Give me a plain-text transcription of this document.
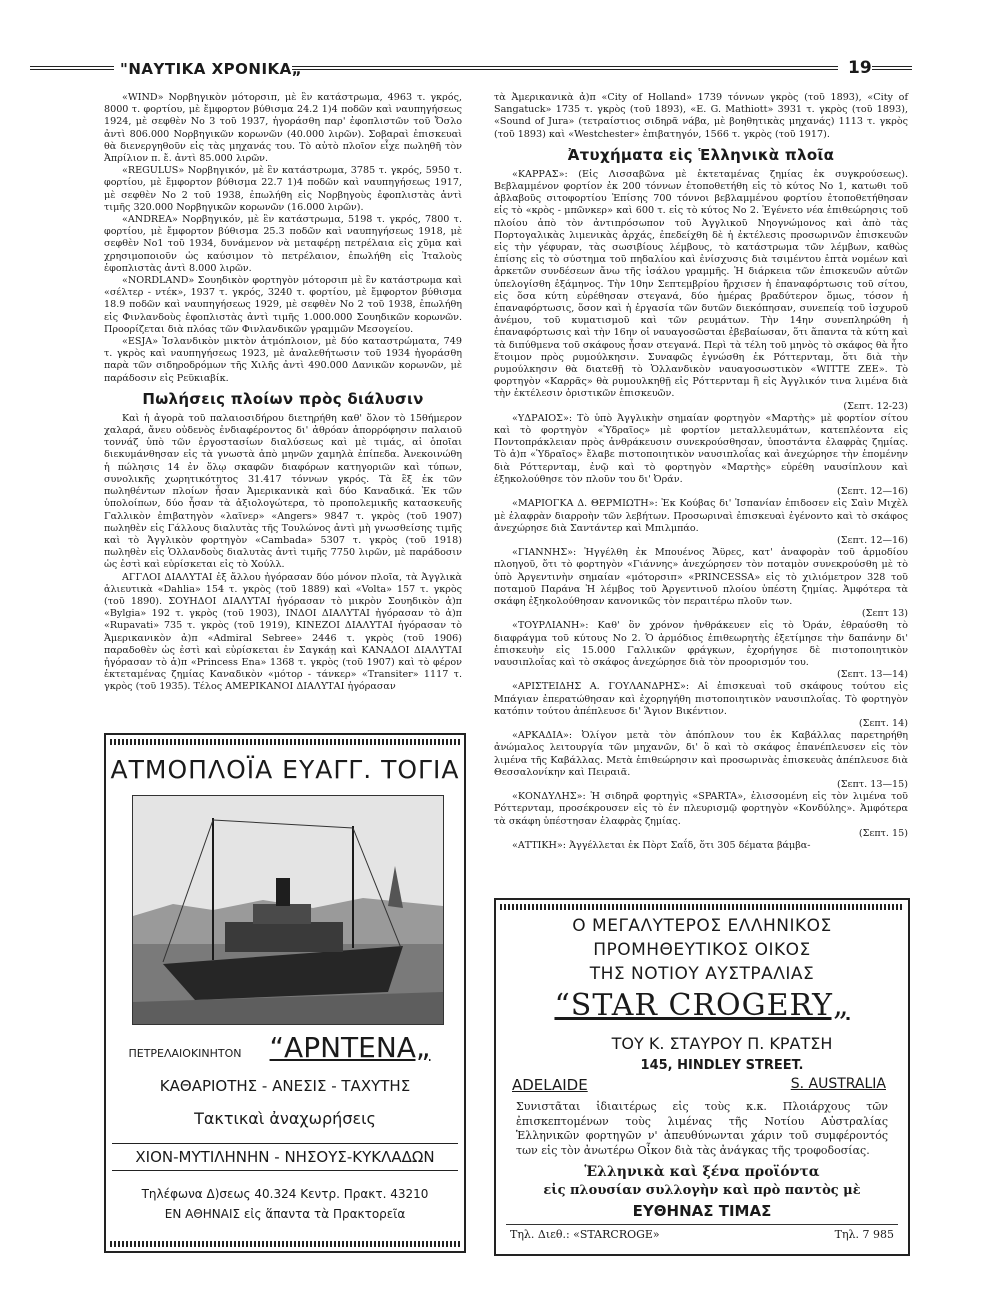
"ΝΑΥΤΙΚΑ ΧΡΟΝΙΚΑ„	19

«WIND» Νορβηγικὸν μότορσιπ, μὲ ἓν κατάστρωμα, 4963 τ. γκρός, 8000 τ. φορτίου, μὲ ἔμφορτον βύθισμα 24.2 1)4 ποδῶν καὶ ναυπηγήσεως 1924, μὲ σεφθὲν Νο 3 τοῦ 1937, ἠγοράσθη παρ' ἐφοπλιστῶν τοῦ Ὄσλο ἀντὶ 806.000 Νορβηγικῶν κορωνῶν (40.000 λιρῶν). Σοβαραὶ ἐπισκευαὶ θὰ διενεργηθοῦν εἰς τὰς μηχανάς του. Τὸ αὐτὸ πλοῖον εἶχε πωληθῆ τὸν Ἀπρίλιον π. ἔ. ἀντὶ 85.000 λιρῶν.

«REGULUS» Νορβηγικόν, μὲ ἓν κατάστρωμα, 3785 τ. γκρός, 5950 τ. φορτίου, μὲ ἔμφορτον βύθισμα 22.7 1)4 ποδῶν καὶ ναυπηγήσεως 1917, μὲ σεφθὲν Νο 2 τοῦ 1938, ἐπωλήθη εἰς Νορβηγοὺς ἐφοπλιστὰς ἀντὶ τιμῆς 320.000 Νορβηγικῶν κορωνῶν (16.000 λιρῶν).

«ANDREA» Νορβηγικόν, μὲ ἓν κατάστρωμα, 5198 τ. γκρός, 7800 τ. φορτίου, μὲ ἔμφορτον βύθισμα 25.3 ποδῶν καὶ ναυπηγήσεως 1918, μὲ σεφθὲν Νο1 τοῦ 1934, δυνάμενον νὰ μεταφέρῃ πετρέλαια εἰς χῦμα καὶ χρησιμοποιοῦν ὡς καύσιμον τὸ πετρέλαιον, ἐπωλήθη εἰς Ἰταλοὺς ἐφοπλιστὰς ἀντὶ 8.000 λιρῶν.

«NORDLAND» Σουηδικὸν φορτηγὸν μότορσιπ μὲ ἓν κατάστρωμα καὶ «σέλτερ - ντέκ», 1937 τ. γκρός, 3240 τ. φορτίου, μὲ ἔμφορτον βύθισμα 18.9 ποδῶν καὶ ναυπηγήσεως 1929, μὲ σεφθὲν Νο 2 τοῦ 1938, ἐπωλήθη εἰς Φινλανδοὺς ἐφοπλιστὰς ἀντὶ τιμῆς 1.000.000 Σουηδικῶν κορωνῶν. Προορίζεται διὰ πλόας τῶν Φινλανδικῶν γραμμῶν Μεσογείου.

«ESJA» Ἰσλανδικὸν μικτὸν ἀτμόπλοιον, μὲ δύο καταστρώματα, 749 τ. γκρὸς καὶ ναυπηγήσεως 1923, μὲ ἀναλεθήτωσιν τοῦ 1934 ἠγοράσθη παρὰ τῶν σιδηροδρόμων τῆς Χιλῆς ἀντὶ 490.000 Δανικῶν κορωνῶν, μὲ παράδοσιν εἰς Ρεϋκιαβίκ.

Πωλήσεις πλοίων πρὸς διάλυσιν

Καὶ ἡ ἀγορὰ τοῦ παλαιοσιδήρου διετηρήθη καθ' ὅλον τὸ 15θήμερον χαλαρά, ἄνευ οὐδενὸς ἐνδιαφέροντος δι' ἀθρόαν ἀπορρόφησιν παλαιοῦ τοννάζ ὑπὸ τῶν ἐργοστασίων διαλύσεως καὶ μὲ τιμάς, αἱ ὁποῖαι διεκυμάνθησαν εἰς τὰ γνωστὰ ἀπὸ μηνῶν χαμηλὰ ἐπίπεδα. Ἀνεκοινώθη ἡ πώλησις 14 ἐν ὅλῳ σκαφῶν διαφόρων κατηγοριῶν καὶ τύπων, συνολικῆς χωρητικότητος 31.417 τόννων γκρός. Τὰ ἓξ ἐκ τῶν πωληθέντων πλοίων ἦσαν Ἀμερικανικὰ καὶ δύο Καναδικά. Ἐκ τῶν ὑπολοίπων, δύο ἦσαν τὰ ἀξιολογώτερα, τὸ προπολεμικῆς κατασκευῆς Γαλλικὸν ἐπιβατηγὸν «λαϊνερ» «Angers» 9847 τ. γκρὸς (τοῦ 1907) πωληθὲν εἰς Γάλλους διαλυτὰς τῆς Τουλώνος ἀντὶ μὴ γνωσθείσης τιμῆς καὶ τὸ Ἀγγλικὸν φορτηγὸν «Cambada» 5307 τ. γκρὸς (τοῦ 1918) πωληθὲν εἰς Ὁλλανδοὺς διαλυτὰς ἀντὶ τιμῆς 7750 λιρῶν, μὲ παράδοσιν ὡς ἐστὶ καὶ εὑρίσκεται εἰς τὸ Χούλλ.

ΑΓΓΛΟΙ ΔΙΑΛΥΤΑΙ ἐξ ἄλλου ἠγόρασαν δύο μόνον πλοῖα, τὰ Ἀγγλικὰ ἁλιευτικὰ «Dahlia» 154 τ. γκρὸς (τοῦ 1889) καὶ «Volta» 157 τ. γκρὸς (τοῦ 1890). ΣΟΥΗΔΟΙ ΔΙΑΛΥΤΑΙ ἠγόρασαν τὸ μικρὸν Σουηδικὸν ἀ)π «Bylgia» 192 τ. γκρὸς (τοῦ 1903), ΙΝΔΟΙ ΔΙΑΛΥΤΑΙ ἠγόρασαν τὸ ἀ)π «Rupavati» 735 τ. γκρὸς (τοῦ 1919), ΚΙΝΕΖΟΙ ΔΙΑΛΥΤΑΙ ἠγόρασαν τὸ Ἀμερικανικὸν ἀ)π «Admiral Sebree» 2446 τ. γκρὸς (τοῦ 1906) παραδοθὲν ὡς ἐστὶ καὶ εὑρίσκεται ἐν Σαγκάῃ καὶ ΚΑΝΑΔΟΙ ΔΙΑΛΥΤΑΙ ἠγόρασαν τὸ ἀ)π «Princess Ena» 1368 τ. γκρὸς (τοῦ 1907) καὶ τὸ φέρον ἐκτεταμένας ζημίας Καναδικὸν «μότορ - τάνκερ» «Transiter» 1117 τ. γκρὸς (τοῦ 1935). Τέλος ΑΜΕΡΙΚΑΝΟΙ ΔΙΑΛΥΤΑΙ ἠγόρασαν

τὰ Ἀμερικανικὰ ἀ)π «City of Holland» 1739 τόννων γκρὸς (τοῦ 1893), «City of Sangatuck» 1735 τ. γκρὸς (τοῦ 1893), «E. G. Mathiott» 3931 τ. γκρὸς (τοῦ 1893), «Sound of Jura» (τετραίστιος σιδηρᾶ νάβα, μὲ βοηθητικὰς μηχανάς) 1113 τ. γκρὸς (τοῦ 1893) καὶ «Westchester» ἐπιβατηγόν, 1566 τ. γκρὸς (τοῦ 1917).

Ἀτυχήματα εἰς Ἑλληνικὰ πλοῖα

«ΚΑΡΡΑΣ»: (Εἰς Λισσαβῶνα μὲ ἐκτεταμένας ζημίας ἐκ συγκρούσεως). Βεβλαμμένον φορτίον ἐκ 200 τόννων ἐτοποθετήθη εἰς τὸ κύτος Νο 1, κατωθι τοῦ ἀβλαβοῦς σιτοφορτίου Ἐπίσης 700 τόννοι βεβλαμμένου φορτίου ἐτοποθετήθησαν εἰς τὸ «κρὸς - μπῶνκερ» καὶ 600 τ. εἰς τὸ κύτος Νο 2. Ἐγένετο νέα ἐπιθεώρησις τοῦ πλοίου ἀπὸ τὸν ἀντιπρόσωπον τοῦ Ἀγγλικοῦ Νηογνώμονος καὶ ἀπὸ τὰς Πορτογαλικὰς λιμενικὰς ἀρχάς, ἐπεδείχθη δὲ ἡ ἐκτέλεσις προσωρινῶν ἐπισκευῶν εἰς τὴν γέφυραν, τὰς σωσιβίους λέμβους, τὸ κατάστρωμα τῶν λέμβων, καθὼς ἐπίσης εἰς τὸ σύστημα τοῦ πηδαλίου καὶ ἐνίσχυσις διὰ τσιμέντου ἑπτὰ νομέων καὶ ἀρκετῶν συνδέσεων ἄνω τῆς ἰσάλου γραμμῆς. Ἡ διάρκεια τῶν ἐπισκευῶν αὐτῶν ὑπελογίσθη ἑξάμηνος. Τὴν 10ην Σεπτεμβρίου ἤρχισεν ἡ ἐπαναφόρτωσις τοῦ σίτου, εἰς ὅσα κύτη εὑρέθησαν στεγανά, δύο ἡμέρας βραδύτερον ὅμως, τόσον ἡ ἐπαναφόρτωσις, ὅσον καὶ ἡ ἐργασία τῶν δυτῶν διεκόπησαν, συνεπείᾳ τοῦ ἰσχυροῦ ἀνέμου, τοῦ κυματισμοῦ καὶ τῶν ρευμάτων. Τὴν 14ην συνεπληρώθη ἡ ἐπαναφόρτωσις καὶ τὴν 16ην οἱ ναυαγοσῶσται ἐβεβαίωσαν, ὅτι ἅπαντα τὰ κύτη καὶ τὰ διπύθμενα τοῦ σκάφους ἦσαν στεγανά. Περὶ τὰ τέλη τοῦ μηνὸς τὸ σκάφος θὰ ἦτο ἕτοιμον πρὸς ρυμούλκησιν. Συναφῶς ἐγνώσθη ἐκ Ρόττερνταμ, ὅτι διὰ τὴν ρυμούλκησιν θὰ διατεθῇ τὸ Ὁλλανδικὸν ναυαγοσωστικὸν «WITTE ZEE». Τὸ φορτηγὸν «Καρρᾶς» θὰ ρυμουλκηθῇ εἰς Ρόττερνταμ ἢ εἰς Ἀγγλικόν τινα λιμένα διὰ τὴν ἐκτέλεσιν ὁριστικῶν ἐπισκευῶν.

(Σεπτ. 12-23)

«ΥΔΡΑΙΟΣ»: Τὸ ὑπὸ Ἀγγλικὴν σημαίαν φορτηγὸν «Μαρτὴς» μὲ φορτίον σίτου καὶ τὸ φορτηγὸν «Ὑδραῖος» μὲ φορτίον μεταλλευμάτων, κατεπλέοντα εἰς Ποντοπράκλειαν πρὸς ἀνθράκευσιν συνεκρούσθησαν, ὑποστάντα ἐλαφρὰς ζημίας. Τὸ ἀ)π «Ὑδραῖος» ἔλαβε πιστοποιητικὸν ναυσιπλοΐας καὶ ἀνεχώρησε τὴν ἑπομένην διὰ Ρόττερνταμ, ἐνῷ καὶ τὸ φορτηγὸν «Μαρτὴς» εὑρέθη ναυσίπλουν καὶ ἐξηκολούθησε τὸν πλοῦν του δι' Ὀράν.

(Σεπτ. 12—16)

«ΜΑΡΙΟΓΚΑ Δ. ΘΕΡΜΙΩΤΗ»: Ἐκ Κούβας δι' Ἱσπανίαν ἐπιδοσεν εἰς Σαὶν Μιχὲλ μὲ ἐλαφρὰν διαρροὴν τῶν λεβήτων. Προσωριναὶ ἐπισκευαὶ ἐγένοντο καὶ τὸ σκάφος ἀνεχώρησε διὰ Σαντάντερ καὶ Μπιλμπάο.

(Σεπτ. 12—16)

«ΓΙΑΝΝΗΣ»: Ἠγγέλθη ἐκ Μπουένος Ἄϋρες, κατ' ἀναφορὰν τοῦ ἁρμοδίου πλοηγοῦ, ὅτι τὸ φορτηγὸν «Γιάννης» ἀνεχώρησεν τὸν ποταμὸν συνεκρούσθη μὲ τὸ ὑπὸ Ἀργεντινὴν σημαίαν «μότορσιπ» «PRINCESSA» εἰς τὸ χιλιόμετρον 328 τοῦ ποταμοῦ Παράνα Ἡ λέμβος τοῦ Ἀργεντινοῦ πλοίου ὑπέστη ζημίας. Ἀμφότερα τὰ σκάφη ἐξηκολούθησαν κανονικῶς τὸν περαιτέρω πλοῦν των.

(Σεπτ 13)

«ΤΟΥΡΛΙΑΝΗ»: Καθ' ὃν χρόνον ἠνθράκευεν εἰς τὸ Ὀράν, ἐθραύσθη τὸ διαφράγμα τοῦ κύτους Νο 2. Ὁ ἁρμόδιος ἐπιθεωρητὴς ἐξετίμησε τὴν δαπάνην δι' ἐπισκευὴν εἰς 15.000 Γαλλικῶν φράγκων, ἐχορήγησε δὲ πιστοποιητικὸν ναυσιπλοΐας καὶ τὸ σκάφος ἀνεχώρησε διὰ τὸν προορισμόν του.

(Σεπτ. 13—14)

«ΑΡΙΣΤΕΙΔΗΣ Α. ΓΟΥΛΑΝΔΡΗΣ»: Αἱ ἐπισκευαὶ τοῦ σκάφους τούτου εἰς Μπάγιαν ἐπερατώθησαν καὶ ἐχορηγήθη πιστοποιητικὸν ναυσιπλοΐας. Τὸ φορτηγὸν κατόπιν τούτου ἀπέπλευσε δι' Ἅγιον Βικέντιον.

(Σεπτ. 14)

«ΑΡΚΑΔΙΑ»: Ὀλίγον μετὰ τὸν ἀπόπλουν του ἐκ Καβάλλας παρετηρήθη ἀνώμαλος λειτουργία τῶν μηχανῶν, δι' ὃ καὶ τὸ σκάφος ἐπανέπλευσεν εἰς τὸν λιμένα τῆς Καβάλλας. Μετὰ ἐπιθεώρησιν καὶ προσωρινὰς ἐπισκευὰς ἀπέπλευσε διὰ Θεσσαλονίκην καὶ Πειραιᾶ.

(Σεπτ. 13—15)

«ΚΟΝΔΥΛΗΣ»: Ἡ σιδηρᾶ φορτηγὶς «SPARTA», ἐλισσομένη εἰς τὸν λιμένα τοῦ Ρόττερνταμ, προσέκρουσεν εἰς τὸ ἐν πλευρισμῷ φορτηγὸν «Κονδύλης». Ἀμφότερα τὰ σκάφη ὑπέστησαν ἐλαφρὰς ζημίας.

(Σεπτ. 15)

«ΑΤΤΙΚΗ»: Ἀγγέλλεται ἐκ Πὸρτ Σαΐδ, ὅτι 305 δέματα βάμβα-

ΑΤΜΟΠΛΟΪΑ ΕΥΑΓΓ. ΤΟΓΙΑ
ΠΕΤΡΕΛΑΙΟΚΙΝΗΤΟΝ	“ΑΡΝΤΕΝΑ„
ΚΑΘΑΡΙΟΤΗΣ - ΑΝΕΣΙΣ - ΤΑΧΥΤΗΣ
Τακτικαὶ ἀναχωρήσεις
ΧΙΟΝ-ΜΥΤΙΛΗΝΗΝ - ΝΗΣΟΥΣ-ΚΥΚΛΑΔΩΝ
Τηλέφωνα Δ)σεως 40.324 Κεντρ. Πρακτ. 43210
ΕΝ ΑΘΗΝΑΙΣ εἰς ἅπαντα τὰ Πρακτορεῖα
Ο ΜΕΓΑΛΥΤΕΡΟΣ ΕΛΛΗΝΙΚΟΣ
ΠΡΟΜΗΘΕΥΤΙΚΟΣ ΟΙΚΟΣ
ΤΗΣ ΝΟΤΙΟΥ ΑΥΣΤΡΑΛΙΑΣ
“STAR CROGERY„
ΤΟΥ Κ. ΣΤΑΥΡΟΥ Π. ΚΡΑΤΣΗ
145, HINDLEY STREET.
ADELAIDE	S. AUSTRALIA
Συνιστᾶται ἰδιαιτέρως εἰς τοὺς κ.κ. Πλοιάρχους τῶν ἐπισκεπτομένων τοὺς λιμένας τῆς Νοτίου Αὐστραλίας Ἑλληνικῶν φορτηγῶν ν' ἀπευθύνωνται χάριν τοῦ συμφέροντός των εἰς τὸν ἀνωτέρω Οἶκον διὰ τὰς ἀνάγκας τῆς τροφοδοσίας.
Ἑλληνικὰ καὶ ξένα προϊόντα
εἰς πλουσίαν συλλογὴν καὶ πρὸ παντὸς μὲ
ΕΥΘΗΝΑΣ ΤΙΜΑΣ
Τηλ. Διεθ.: «STARCROGE»	Τηλ. 7 985
